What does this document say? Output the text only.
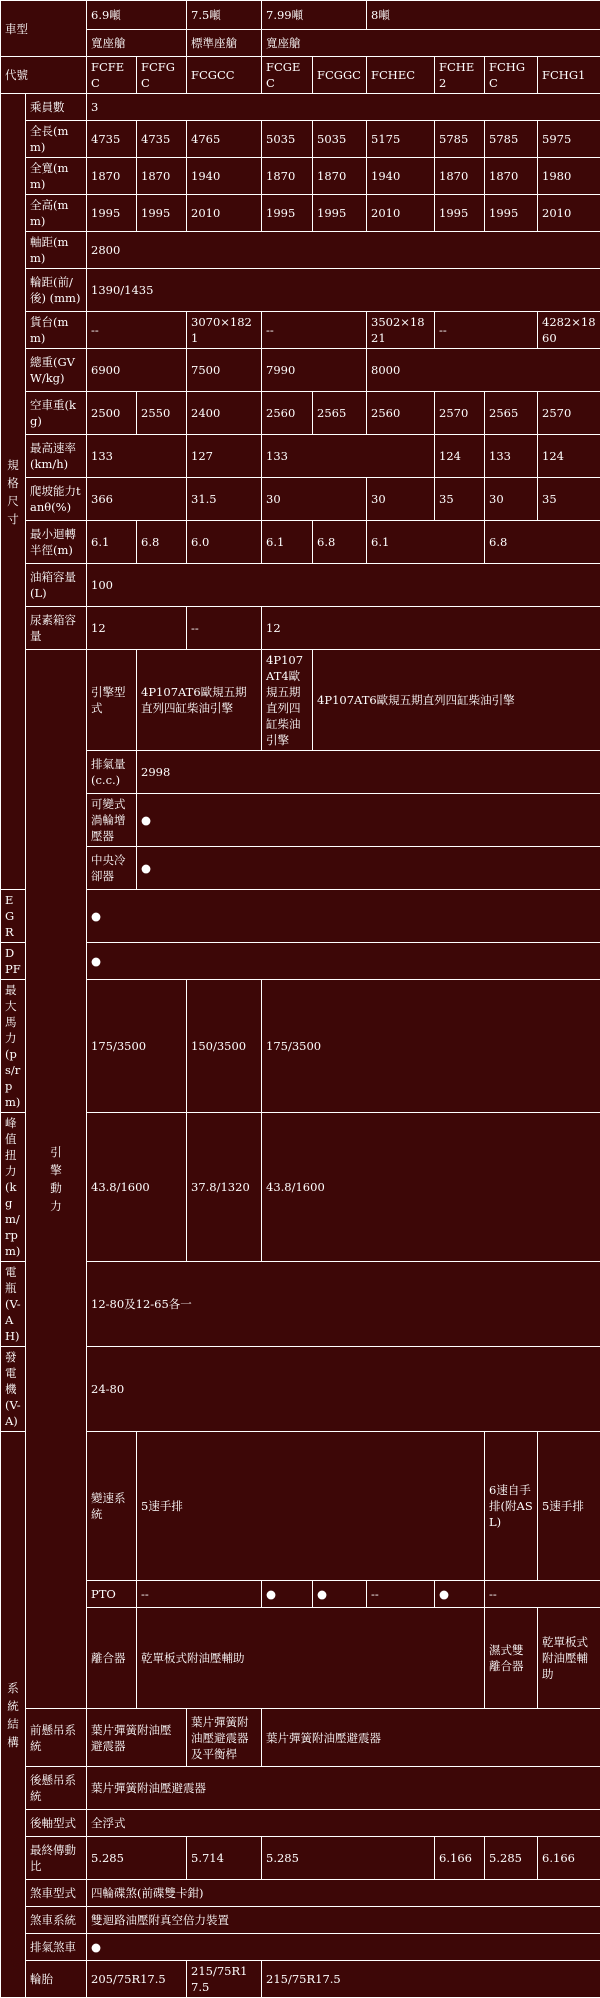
車型		6.9噸		7.5噸	7.99噸		8噸				
		寬座艙		標準座艙	寬座艙						
代號		FCFEC	FCFGC	FCGCC	FCGEC	FCGGC	FCHEC	FCHE2	FCHGC	FCHG1	

規格尺寸	乘員數	3									
	全長(mm)	4735	4735	4765	5035	5035	5175	5785	5785	5975	
	全寬(mm)	1870	1870	1940	1870	1870	1940	1870	1870	1980	
	全高(mm)	1995	1995	2010	1995	1995	2010	1995	1995	2010	
	軸距(mm)	2800									
	輪距(前/後) (mm)	1390/1435									
	貨台(mm)	--		3070×1821	--		3502×1821	--		4282×1860	
	總重(GVW/kg)	6900		7500	7990		8000				
	空車重(kg)	2500	2550	2400	2560	2565	2560	2570	2565	2570	
	最高速率(km/h)	133		127	133			124	133	124	
	爬坡能力tanθ(%)	366		31.5	30		30	35	30	35	
	最小迴轉半徑(m)	6.1	6.8	6.0	6.1	6.8	6.1		6.8		
	油箱容量(L)	100									
	尿素箱容量	12		--	12						

	引擎動力	引擎型式	4P107AT6歐規五期直列四缸柴油引擎		4P107AT4歐規五期直列四缸柴油引擎	4P107AT6歐規五期直列四缸柴油引擎					
		排氣量(c.c.)	2998								
		可變式渦輪增壓器	●								
		中央冷卻器	●								
EGR		●									
DPF		●									
最大馬力(ps/rpm)		175/3500		150/3500	175/3500						
峰值扭力(kgm/rpm)		43.8/1600		37.8/1320	43.8/1600						
電瓶(V-AH)		12-80及12-65各一									
發電機(V-A)		24-80									

系統結構		變速系統	5速手排						6速自手排(附ASL)	5速手排	
		PTO	--		●	●	--	●	--		
		離合器	乾單板式附油壓輔助						濕式雙離合器	乾單板式附油壓輔助	
	前懸吊系統	葉片彈簧附油壓避震器		葉片彈簧附油壓避震器及平衡桿	葉片彈簧附油壓避震器						
	後懸吊系統	葉片彈簧附油壓避震器									
	後軸型式	全浮式									
	最終傳動比	5.285		5.714	5.285			6.166	5.285	6.166	
	煞車型式	四輪碟煞(前碟雙卡鉗)									
	煞車系統	雙迴路油壓附真空倍力裝置									
	排氣煞車	●									
	輪胎	205/75R17.5		215/75R17.5	215/75R17.5						
